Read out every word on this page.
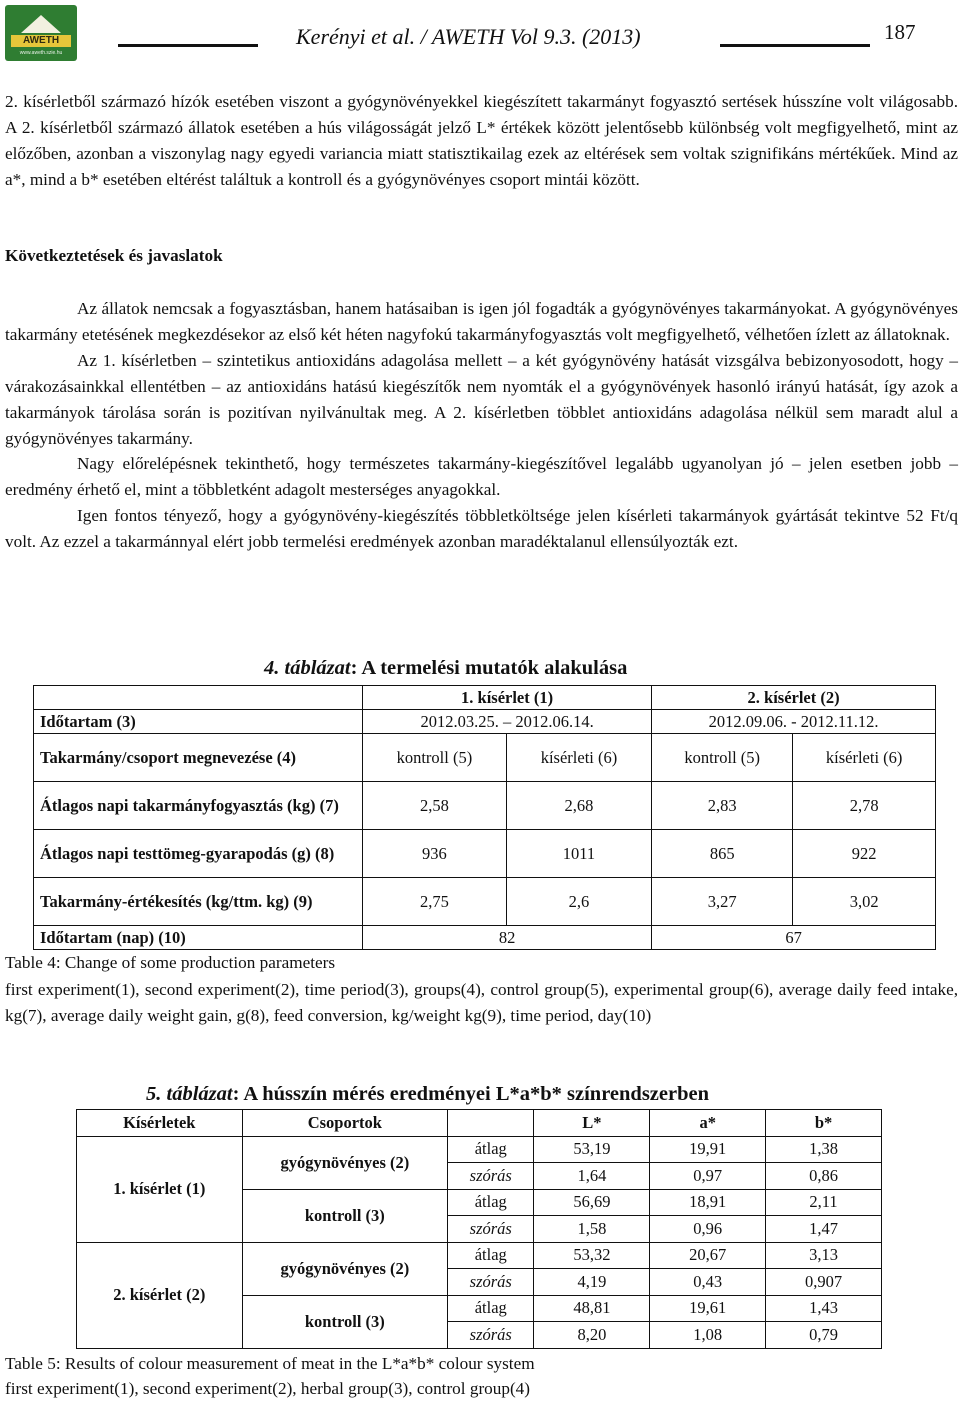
AWETH
www.aweth.szie.hu
Kerényi et al. / AWETH Vol 9.3. (2013)	187

2. kísérletből származó hízók esetében viszont a gyógynövényekkel kiegészített takarmányt fogyasztó sertések hússzíne volt világosabb. A 2. kísérletből származó állatok esetében a hús világosságát jelző L* értékek között jelentősebb különbség volt megfigyelhető, mint az előzőben, azonban a viszonylag nagy egyedi variancia miatt statisztikailag ezek az eltérések sem voltak szignifikáns mértékűek. Mind az a*, mind a b* esetében eltérést találtuk a kontroll és a gyógynövényes csoport mintái között.

Következtetések és javaslatok

Az állatok nemcsak a fogyasztásban, hanem hatásaiban is igen jól fogadták a gyógynövényes takarmányokat. A gyógynövényes takarmány etetésének megkezdésekor az első két héten nagyfokú takarmányfogyasztás volt megfigyelhető, vélhetően ízlett az állatoknak.

Az 1. kísérletben – szintetikus antioxidáns adagolása mellett – a két gyógynövény hatását vizsgálva bebizonyosodott, hogy – várakozásainkkal ellentétben – az antioxidáns hatású kiegészítők nem nyomták el a gyógynövények hasonló irányú hatását, így azok a takarmányok tárolása során is pozitívan nyilvánultak meg. A 2. kísérletben többlet antioxidáns adagolása nélkül sem maradt alul a gyógynövényes takarmány.

Nagy előrelépésnek tekinthető, hogy természetes takarmány-kiegészítővel legalább ugyanolyan jó – jelen esetben jobb – eredmény érhető el, mint a többletként adagolt mesterséges anyagokkal.

Igen fontos tényező, hogy a gyógynövény-kiegészítés többletköltsége jelen kísérleti takarmányok gyártását tekintve 52 Ft/q volt. Az ezzel a takarmánnyal elért jobb termelési eredmények azonban maradéktalanul ellensúlyozták ezt.

4. táblázat: A termelési mutatók alakulása
	1. kísérlet (1)		2. kísérlet (2)	
Időtartam (3)	2012.03.25. – 2012.06.14.		2012.09.06. - 2012.11.12.	
Takarmány/csoport megnevezése (4)	kontroll (5)	kísérleti (6)	kontroll (5)	kísérleti (6)
Átlagos napi takarmányfogyasztás (kg) (7)	2,58	2,68	2,83	2,78
Átlagos napi testtömeg-gyarapodás (g) (8)	936	1011	865	922
Takarmány-értékesítés (kg/ttm. kg) (9)	2,75	2,6	3,27	3,02
Időtartam (nap) (10)	82		67	
Table 4: Change of some production parameters

first experiment(1), second experiment(2), time period(3), groups(4), control group(5), experimental group(6), average daily feed intake, kg(7), average daily weight gain, g(8), feed conversion, kg/weight kg(9), time period, day(10)

5. táblázat: A hússzín mérés eredményei L*a*b* színrendszerben
Kísérletek	Csoportok		L*	a*	b*
1. kísérlet (1)	gyógynövényes (2)	átlag	53,19	19,91	1,38
		szórás	1,64	0,97	0,86
	kontroll (3)	átlag	56,69	18,91	2,11
		szórás	1,58	0,96	1,47
2. kísérlet (2)	gyógynövényes (2)	átlag	53,32	20,67	3,13
		szórás	4,19	0,43	0,907
	kontroll (3)	átlag	48,81	19,61	1,43
		szórás	8,20	1,08	0,79
Table 5: Results of colour measurement of meat in the L*a*b* colour system
first experiment(1), second experiment(2), herbal group(3), control group(4)
